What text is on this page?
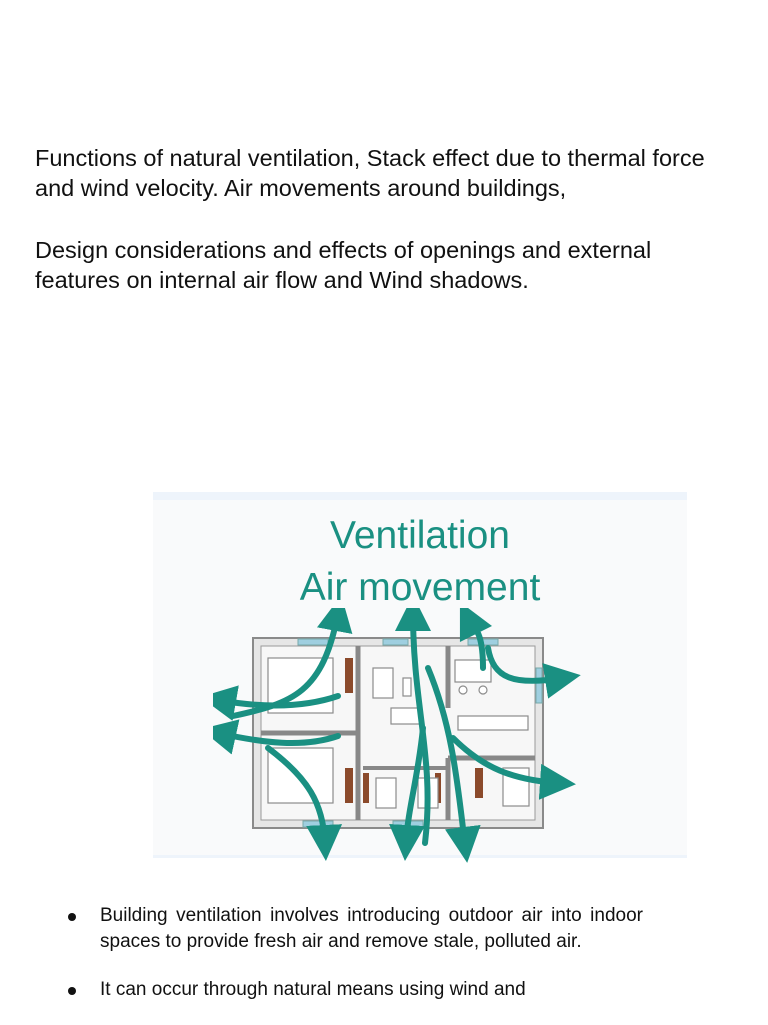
Functions of natural ventilation, Stack effect due to thermal force and wind velocity. Air movements around buildings,

Design considerations and effects of openings and external features on internal air flow and Wind shadows.

Ventilation
Air movement
Building ventilation involves introducing outdoor air into indoor spaces to provide fresh air and remove stale, polluted air.
It can occur through natural means using wind and
